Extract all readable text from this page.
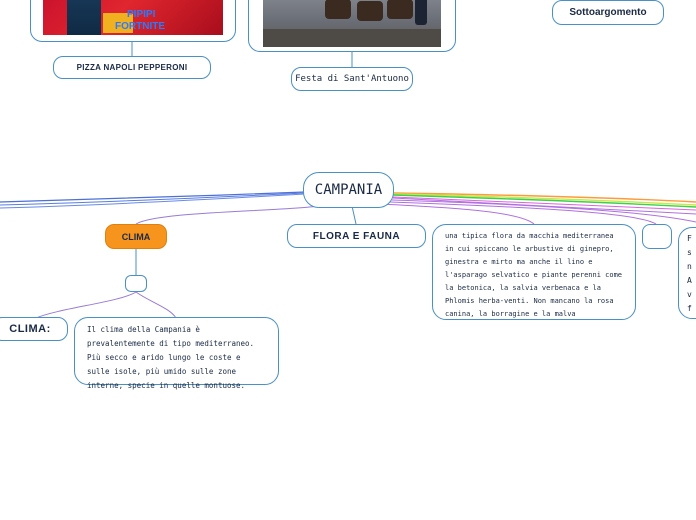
PIPIPI
FORTNITE
Sottoargomento
PIZZA NAPOLI PEPPERONI
Festa di Sant'Antuono
CAMPANIA
CLIMA	FLORA E FAUNA	una tipica flora da macchia mediterranea in cui spiccano le arbustive di ginepro, ginestra e mirto ma anche il lino e l'asparago selvatico e piante perenni come la betonica, la salvia verbenaca e la Phlomis herba-venti. Non mancano la rosa canina, la borragine e la malva
F
s
n
A
v
f
CLIMA:	Il clima della Campania è prevalentemente di tipo mediterraneo. Più secco e arido lungo le coste e sulle isole, più umido sulle zone interne, specie in quelle montuose.
